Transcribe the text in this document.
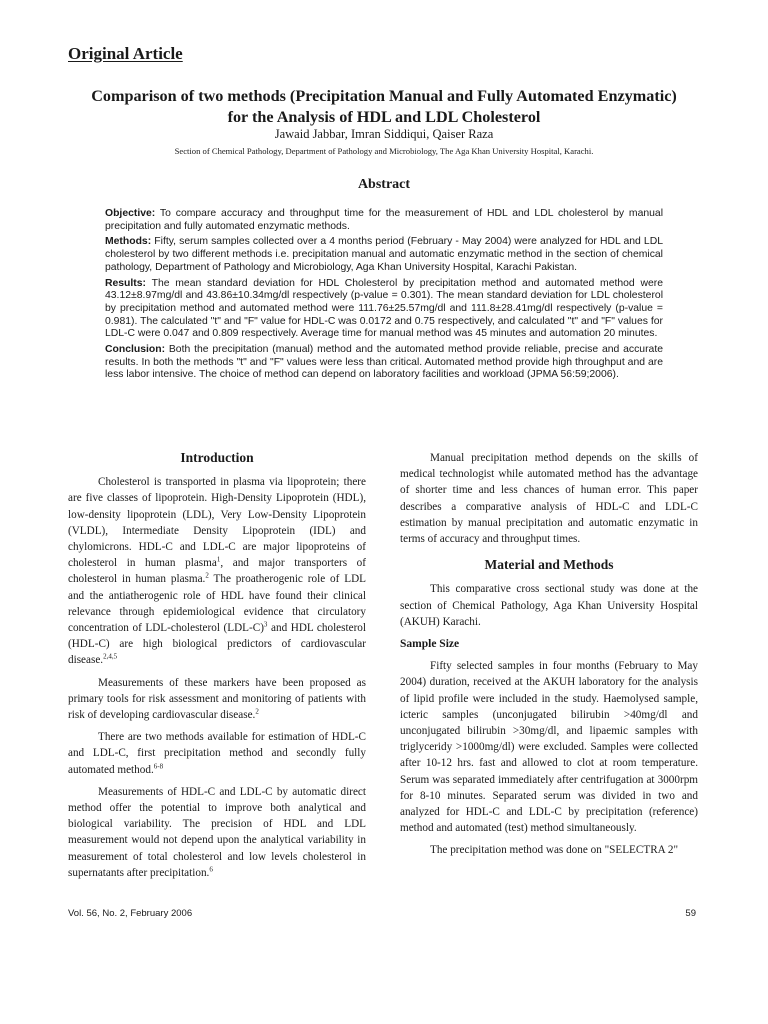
Original Article
Comparison of two methods (Precipitation Manual and Fully Automated Enzymatic) for the Analysis of HDL and LDL Cholesterol
Jawaid Jabbar, Imran Siddiqui, Qaiser Raza
Section of Chemical Pathology, Department of Pathology and Microbiology, The Aga Khan University Hospital, Karachi.
Abstract

Objective: To compare accuracy and throughput time for the measurement of HDL and LDL cholesterol by manual precipitation and fully automated enzymatic methods.

Methods: Fifty, serum samples collected over a 4 months period (February - May 2004) were analyzed for HDL and LDL cholesterol by two different methods i.e. precipitation manual and automatic enzymatic method in the section of chemical pathology, Department of Pathology and Microbiology, Aga Khan University Hospital, Karachi Pakistan.

Results: The mean standard deviation for HDL Cholesterol by precipitation method and automated method were 43.12±8.97mg/dl and 43.86±10.34mg/dl respectively (p-value = 0.301). The mean standard deviation for LDL cholesterol by precipitation method and automated method were 111.76±25.57mg/dl and 111.8±28.41mg/dl respectively (p-value = 0.981). The calculated "t" and "F" value for HDL-C was 0.0172 and 0.75 respectively, and calculated "t" and "F" values for LDL-C were 0.047 and 0.809 respectively. Average time for manual method was 45 minutes and automation 20 minutes.

Conclusion: Both the precipitation (manual) method and the automated method provide reliable, precise and accurate results. In both the methods "t" and "F" values were less than critical. Automated method provide high throughput and are less labor intensive. The choice of method can depend on laboratory facilities and workload (JPMA 56:59;2006).

Introduction

Cholesterol is transported in plasma via lipoprotein; there are five classes of lipoprotein. High-Density Lipoprotein (HDL), low-density lipoprotein (LDL), Very Low-Density Lipoprotein (VLDL), Intermediate Density Lipoprotein (IDL) and chylomicrons. HDL-C and LDL-C are major lipoproteins of cholesterol in human plasma$^1$, and major transporters of cholesterol in human plasma.$^2$ The proatherogenic role of LDL and the antiatherogenic role of HDL have found their clinical relevance through epidemiological evidence that circulatory concentration of LDL-cholesterol $(LDL-C)^3$ and HDL cholesterol (HDL-C) are high biological predictors of cardiovascular disease.$^{2,4,5}$

Measurements of these markers have been proposed as primary tools for risk assessment and monitoring of patients with risk of developing cardiovascular disease.$^2$

There are two methods available for estimation of HDL-C and LDL-C, first precipitation method and secondly fully automated method.$^{6-8}$

Measurements of HDL-C and LDL-C by automatic direct method offer the potential to improve both analytical and biological variability. The precision of HDL and LDL measurement would not depend upon the analytical variability in measurement of total cholesterol and low levels cholesterol in supernatants after precipitation.$^6$

Manual precipitation method depends on the skills of medical technologist while automated method has the advantage of shorter time and less chances of human error. This paper describes a comparative analysis of HDL-C and LDL-C estimation by manual precipitation and automatic enzymatic in terms of accuracy and throughput times.

Material and Methods

This comparative cross sectional study was done at the section of Chemical Pathology, Aga Khan University Hospital (AKUH) Karachi.

Sample Size

Fifty selected samples in four months (February to May 2004) duration, received at the AKUH laboratory for the analysis of lipid profile were included in the study. Haemolysed sample, icteric samples (unconjugated bilirubin >40mg/dl and unconjugated bilirubin >30mg/dl, and lipaemic samples with triglyceridy >1000mg/dl) were excluded. Samples were collected after 10-12 hrs. fast and allowed to clot at room temperature. Serum was separated immediately after centrifugation at 3000rpm for 8-10 minutes. Separated serum was divided in two and analyzed for HDL-C and LDL-C by precipitation (reference) method and automated (test) method simultaneously.

The precipitation method was done on "SELECTRA 2"

Vol. 56, No. 2, February 2006	59
